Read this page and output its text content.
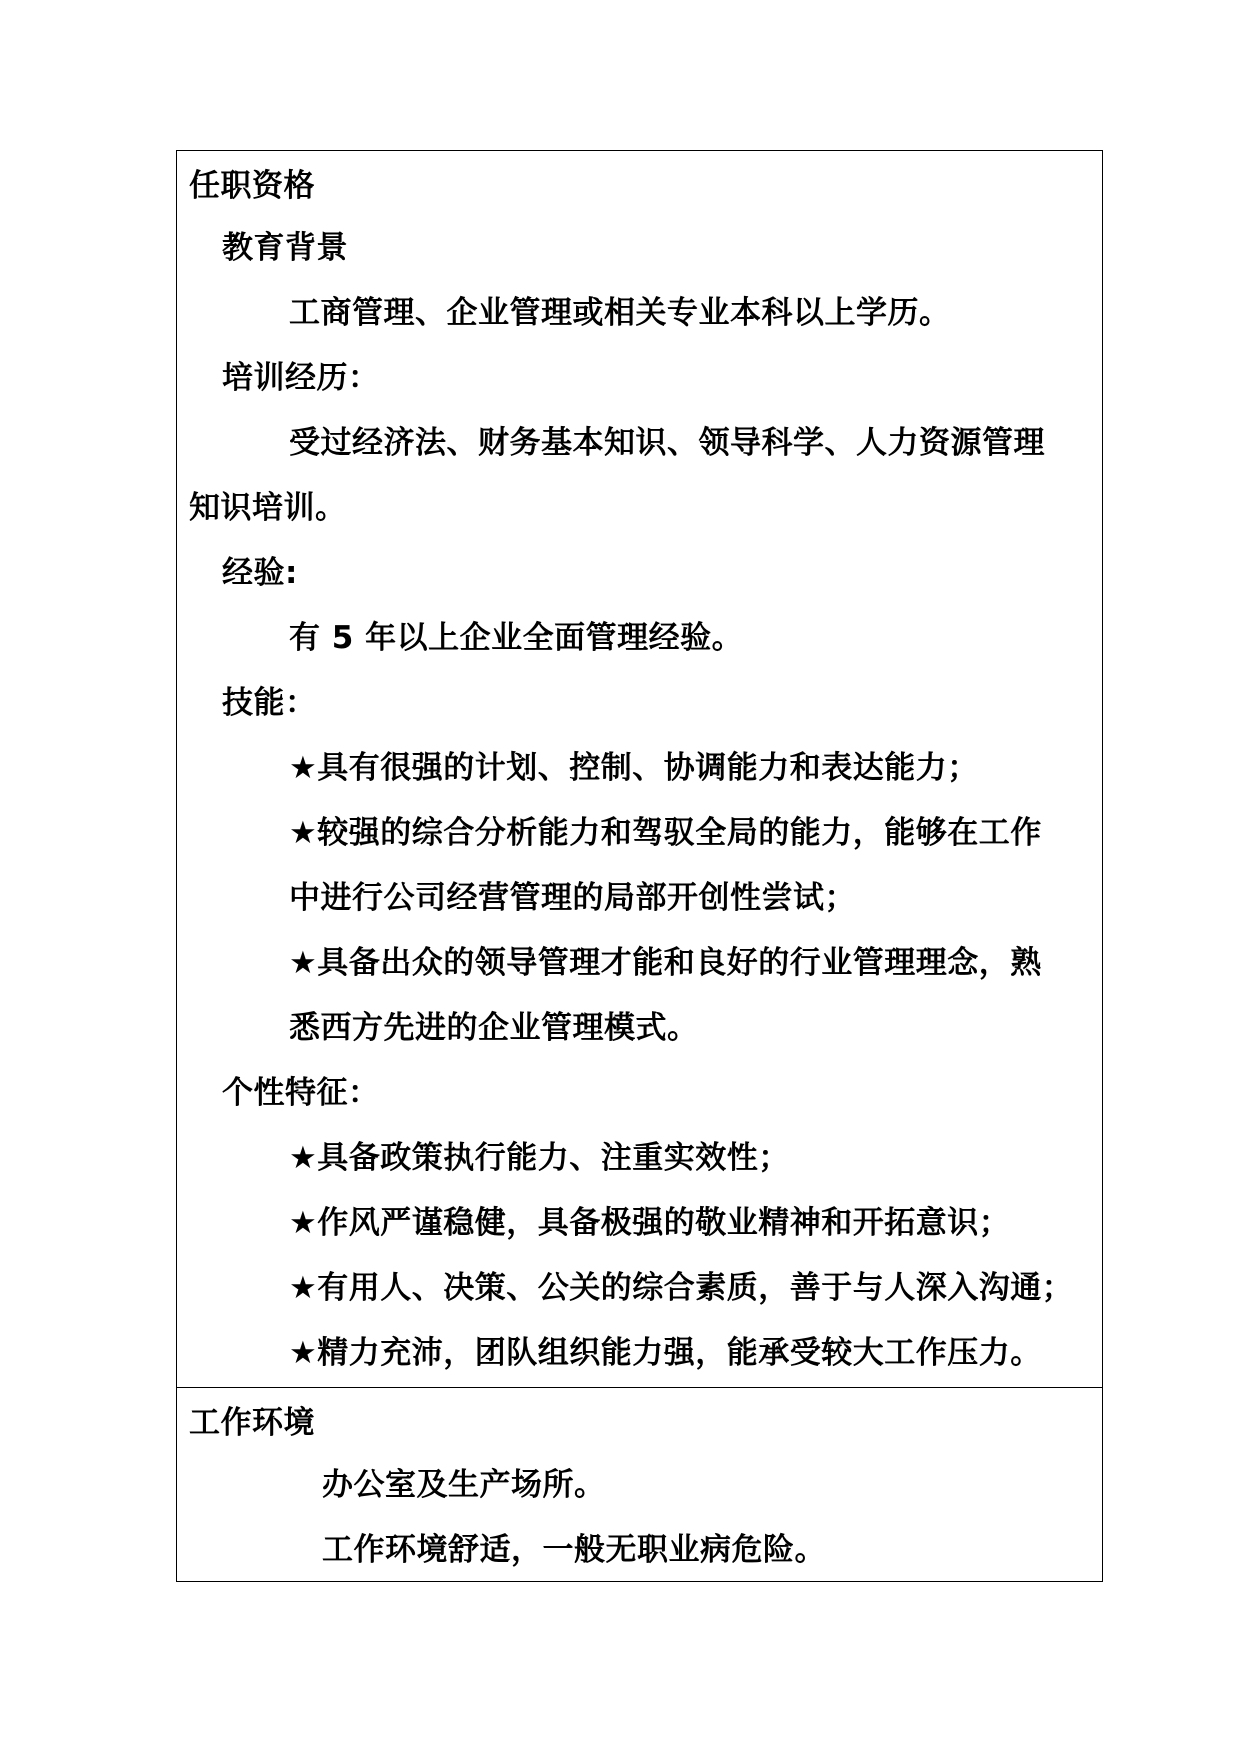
任职资格
教育背景
工商管理、企业管理或相关专业本科以上学历。
培训经历：
受过经济法、财务基本知识、领导科学、人力资源管理
知识培训。
经验:
有 5 年以上企业全面管理经验。
技能：
★具有很强的计划、控制、协调能力和表达能力；
★较强的综合分析能力和驾驭全局的能力，能够在工作
中进行公司经营管理的局部开创性尝试；
★具备出众的领导管理才能和良好的行业管理理念，熟
悉西方先进的企业管理模式。
个性特征：
★具备政策执行能力、注重实效性；
★作风严谨稳健，具备极强的敬业精神和开拓意识；
★有用人、决策、公关的综合素质，善于与人深入沟通；
★精力充沛，团队组织能力强，能承受较大工作压力。
工作环境
办公室及生产场所。
工作环境舒适，一般无职业病危险。
